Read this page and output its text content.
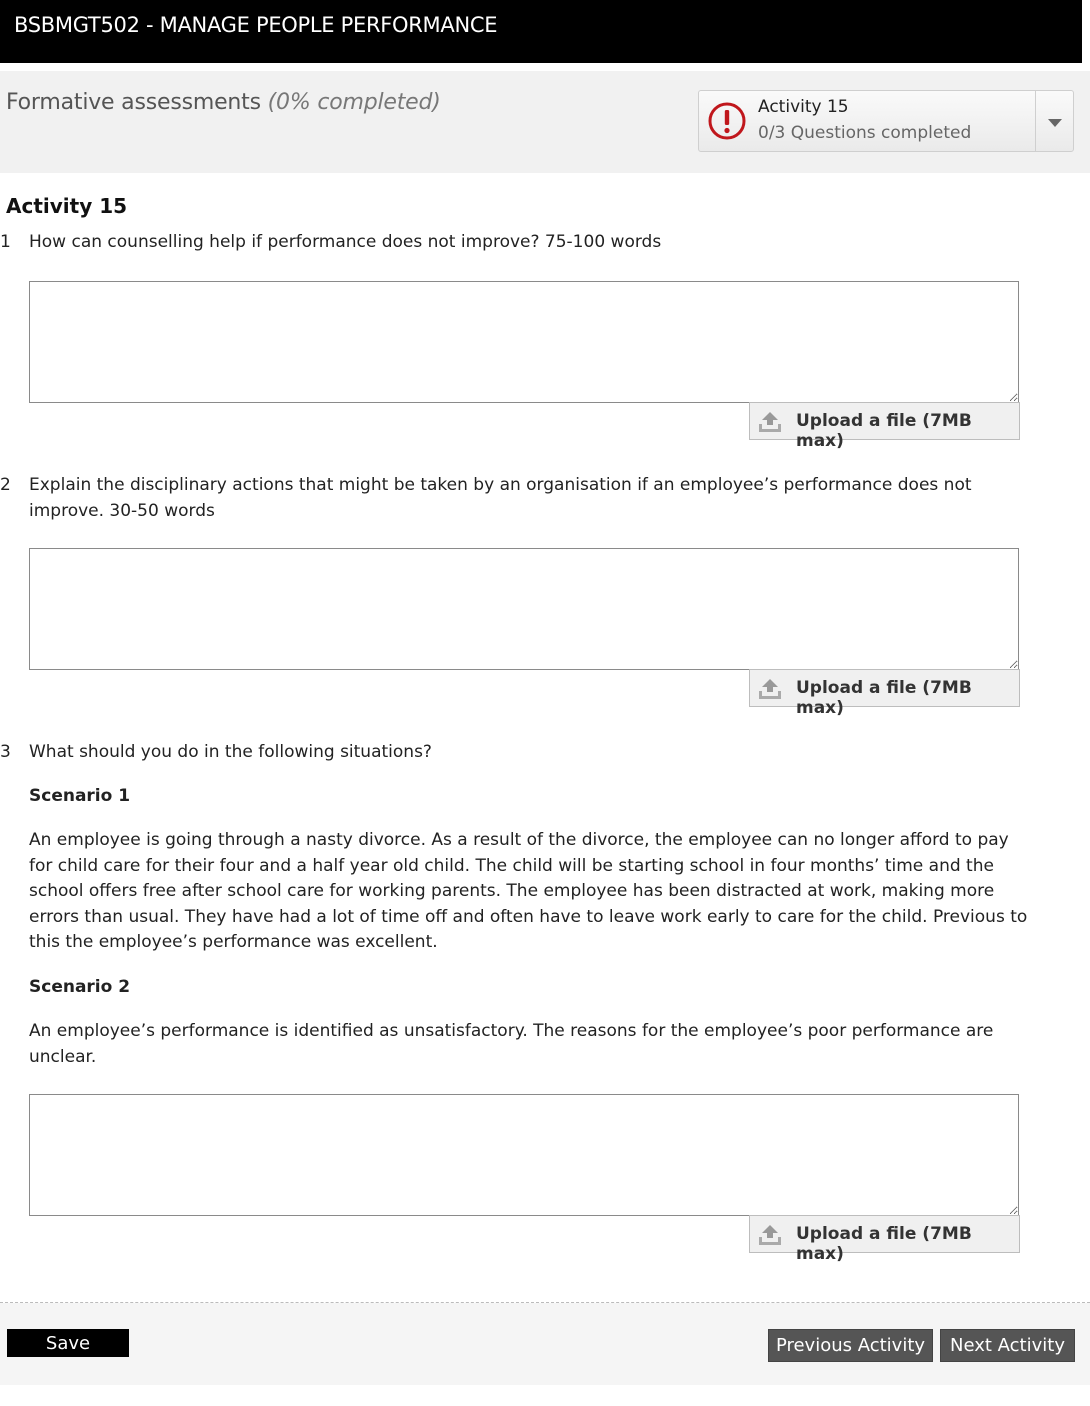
BSBMGT502 - MANAGE PEOPLE PERFORMANCE
Formative assessments (0% completed)	Activity 15
0/3 Questions completed
Activity 15
1 How can counselling help if performance does not improve? 75-100 words
Upload a file (7MB max)
2 Explain the disciplinary actions that might be taken by an organisation if an employee’s performance does not improve. 30-50 words
Upload a file (7MB max)
3 What should you do in the following situations?
Scenario 1
An employee is going through a nasty divorce. As a result of the divorce, the employee can no longer afford to pay for child care for their four and a half year old child. The child will be starting school in four months’ time and the school offers free after school care for working parents. The employee has been distracted at work, making more errors than usual. They have had a lot of time off and often have to leave work early to care for the child. Previous to this the employee’s performance was excellent.
Scenario 2
An employee’s performance is identified as unsatisfactory. The reasons for the employee’s poor performance are unclear.
Upload a file (7MB max)
Save	Previous Activity	Next Activity
